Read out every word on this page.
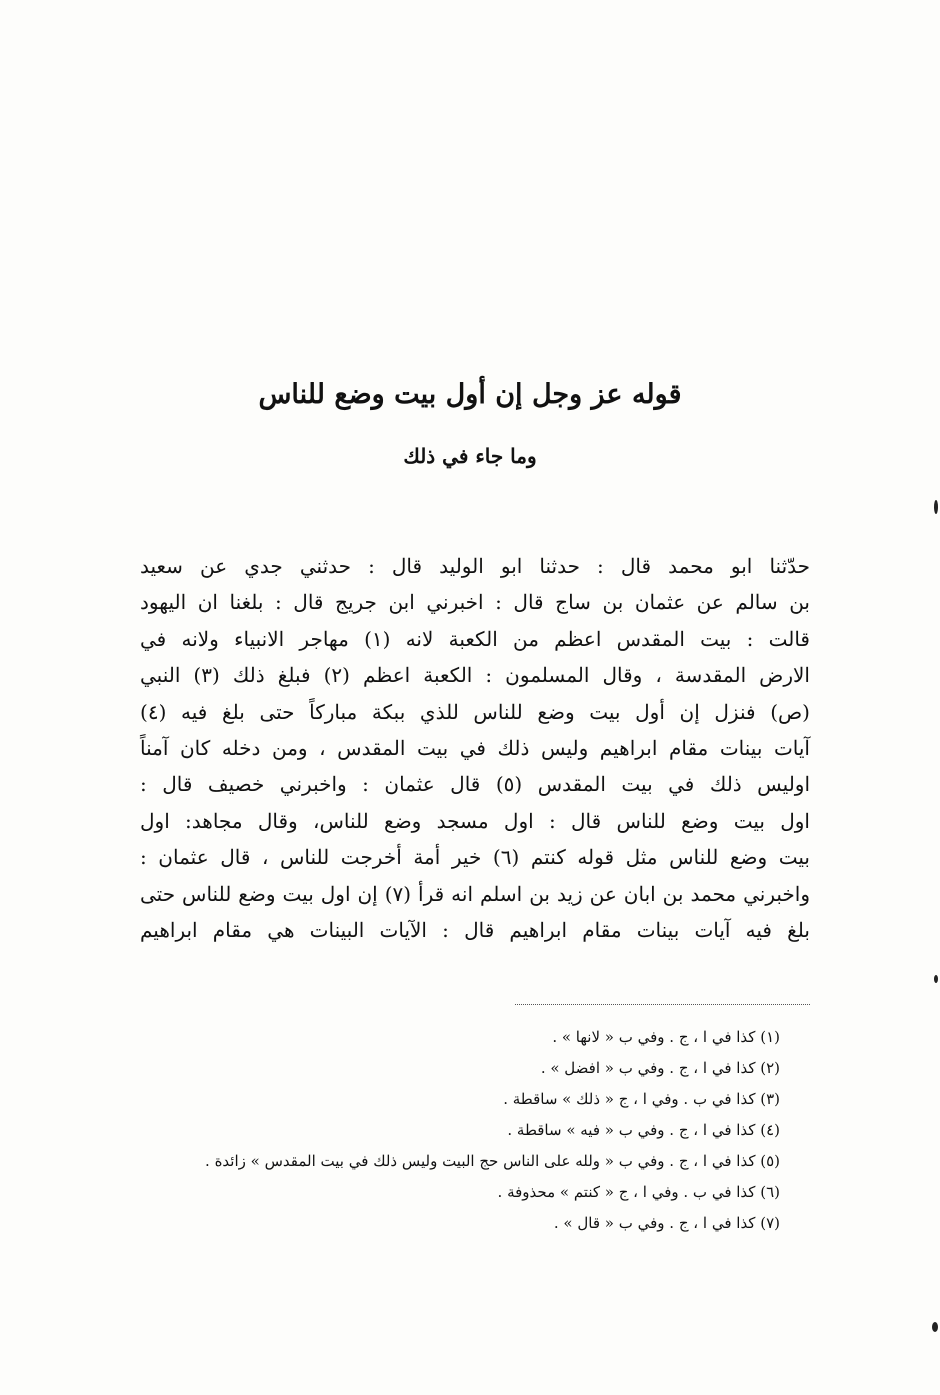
قوله عز وجل إن أول بيت وضع للناس
وما جاء في ذلك
حدّثنا ابو محمد قال : حدثنا ابو الوليد قال : حدثني جدي عن سعيد
بن سالم عن عثمان بن ساج قال : اخبرني ابن جريج قال : بلغنا ان اليهود
قالت : بيت المقدس اعظم من الكعبة لانه (١) مهاجر الانبياء ولانه في
الارض المقدسة ، وقال المسلمون : الكعبة اعظم (٢) فبلغ ذلك (٣) النبي
(ص) فنزل إن أول بيت وضع للناس للذي ببكة مباركاً حتى بلغ فيه (٤)
آيات بينات مقام ابراهيم وليس ذلك في بيت المقدس ، ومن دخله كان آمناً
اوليس ذلك في بيت المقدس (٥) قال عثمان : واخبرني خصيف قال :
اول بيت وضع للناس قال : اول مسجد وضع للناس، وقال مجاهد: اول
بيت وضع للناس مثل قوله كنتم (٦) خير أمة أخرجت للناس ، قال عثمان :
واخبرني محمد بن ابان عن زيد بن اسلم انه قرأ (٧) إن اول بيت وضع للناس حتى
بلغ فيه آيات بينات مقام ابراهيم قال : الآيات البينات هي مقام ابراهيم
(١) كذا في ا ، ج . وفي ب « لانها » .
(٢) كذا في ا ، ج . وفي ب « افضل » .
(٣) كذا في ب . وفي ا ، ج « ذلك » ساقطة .
(٤) كذا في ا ، ج . وفي ب « فيه » ساقطة .
(٥) كذا في ا ، ج . وفي ب « ولله على الناس حج البيت وليس ذلك في بيت المقدس » زائدة .
(٦) كذا في ب . وفي ا ، ج « كنتم » محذوفة .
(٧) كذا في ا ، ج . وفي ب « قال » .
